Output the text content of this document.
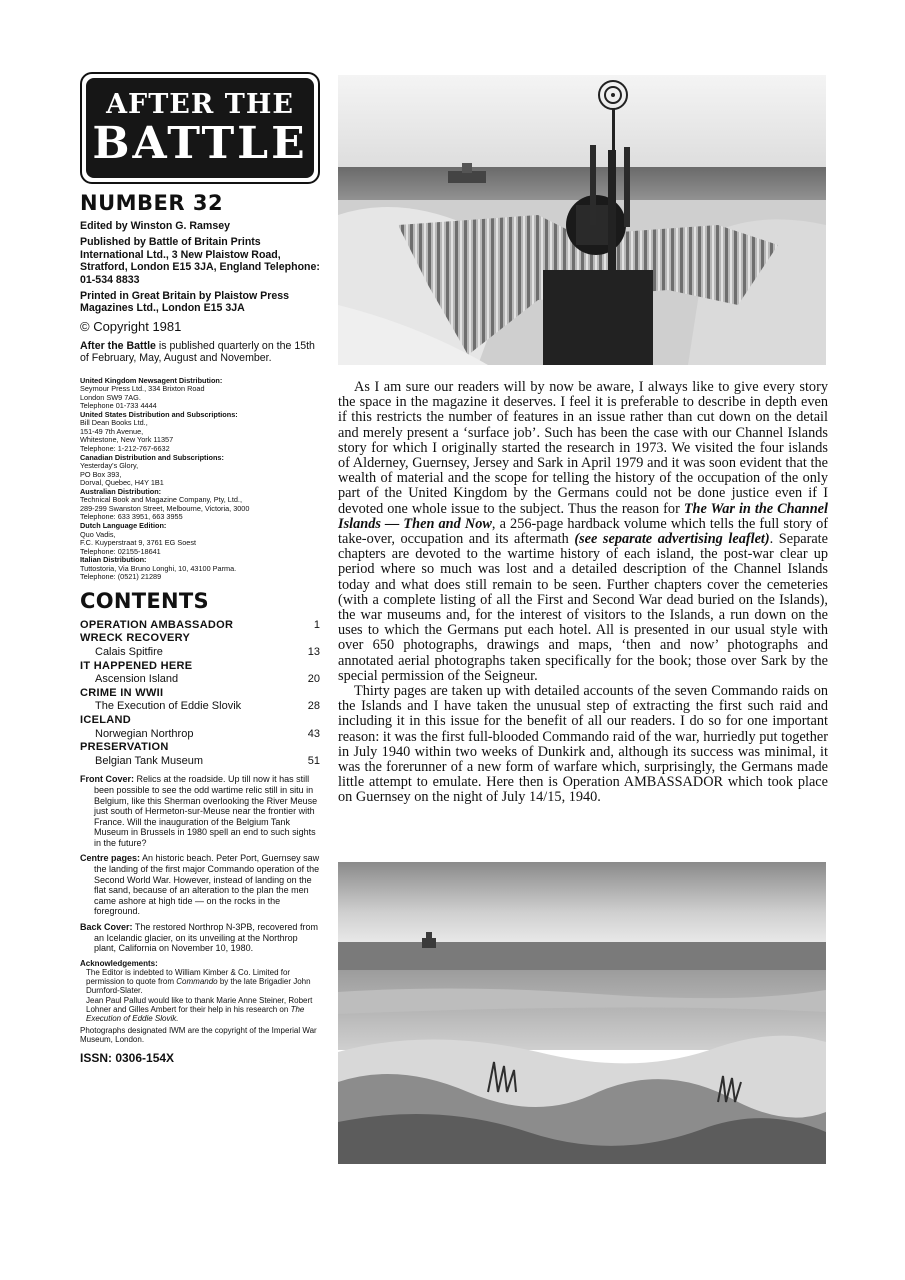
AFTER THE
BATTLE
NUMBER 32

Edited by Winston G. Ramsey

Published by Battle of Britain Prints International Ltd., 3 New Plaistow Road, Stratford, London E15 3JA, England Telephone: 01-534 8833

Printed in Great Britain by Plaistow Press Magazines Ltd., London E15 3JA

© Copyright 1981
After the Battle is published quarterly on the 15th of February, May, August and November.
United Kingdom Newsagent Distribution:
Seymour Press Ltd., 334 Brixton Road
London SW9 7AG.
Telephone 01-733 4444
United States Distribution and Subscriptions:
Bill Dean Books Ltd.,
151-49 7th Avenue,
Whitestone, New York 11357
Telephone: 1-212-767-6632
Canadian Distribution and Subscriptions:
Yesterday's Glory,
PO Box 393,
Dorval, Quebec, H4Y 1B1
Australian Distribution:
Technical Book and Magazine Company, Pty, Ltd.,
289-299 Swanston Street, Melbourne, Victoria, 3000
Telephone: 633 3951, 663 3955
Dutch Language Edition:
Quo Vadis,
F.C. Kuyperstraat 9, 3761 EG Soest
Telephone: 02155-18641
Italian Distribution:
Tuttostoria, Via Bruno Longhi, 10, 43100 Parma.
Telephone: (0521) 21289
CONTENTS
OPERATION AMBASSADOR	1
WRECK RECOVERY
Calais Spitfire	13
IT HAPPENED HERE
Ascension Island	20
CRIME IN WWII
The Execution of Eddie Slovik	28
ICELAND
Norwegian Northrop	43
PRESERVATION
Belgian Tank Museum	51
Front Cover: Relics at the roadside. Up till now it has still been possible to see the odd wartime relic still in situ in Belgium, like this Sherman overlooking the River Meuse just south of Hermeton-sur-Meuse near the frontier with France. Will the inauguration of the Belgium Tank Museum in Brussels in 1980 spell an end to such sights in the future?
Centre pages: An historic beach. Peter Port, Guernsey saw the landing of the first major Commando operation of the Second World War. However, instead of landing on the flat sand, because of an alteration to the plan the men came ashore at high tide — on the rocks in the foreground.
Back Cover: The restored Northrop N-3PB, recovered from an Icelandic glacier, on its unveiling at the Northrop plant, California on November 10, 1980.
Acknowledgements:
The Editor is indebted to William Kimber & Co. Limited for permission to quote from Commando by the late Brigadier John Durnford-Slater.
Jean Paul Pallud would like to thank Marie Anne Steiner, Robert Lohner and Gilles Ambert for their help in his research on The Execution of Eddie Slovik.
Photographs designated IWM are the copyright of the Imperial War Museum, London.
ISSN: 0306-154X

As I am sure our readers will by now be aware, I always like to give every story the space in the magazine it deserves. I feel it is preferable to describe in depth even if this restricts the number of features in an issue rather than cut down on the detail and merely present a ‘surface job’. Such has been the case with our Channel Islands story for which I originally started the research in 1973. We visited the four islands of Alderney, Guernsey, Jersey and Sark in April 1979 and it was soon evident that the wealth of material and the scope for telling the history of the occupation of the only part of the United Kingdom by the Germans could not be done justice even if I devoted one whole issue to the subject. Thus the reason for The War in the Channel Islands — Then and Now, a 256-page hardback volume which tells the full story of take-over, occupation and its aftermath (see separate advertising leaflet). Separate chapters are devoted to the wartime history of each island, the post-war clear up period where so much was lost and a detailed description of the Channel Islands today and what does still remain to be seen. Further chapters cover the cemeteries (with a complete listing of all the First and Second War dead buried on the Islands), the war museums and, for the interest of visitors to the Islands, a run down on the uses to which the Germans put each hotel. All is presented in our usual style with over 650 photographs, drawings and maps, ‘then and now’ photographs and annotated aerial photographs taken specifically for the book; those over Sark by the special permission of the Seigneur.

Thirty pages are taken up with detailed accounts of the seven Commando raids on the Islands and I have taken the unusual step of extracting the first such raid and including it in this issue for the benefit of all our readers. I do so for one important reason: it was the first full-blooded Commando raid of the war, hurriedly put together in July 1940 within two weeks of Dunkirk and, although its success was minimal, it was the forerunner of a new form of warfare which, surprisingly, the Germans made little attempt to emulate. Here then is Operation AMBASSADOR which took place on Guernsey on the night of July 14/15, 1940.
